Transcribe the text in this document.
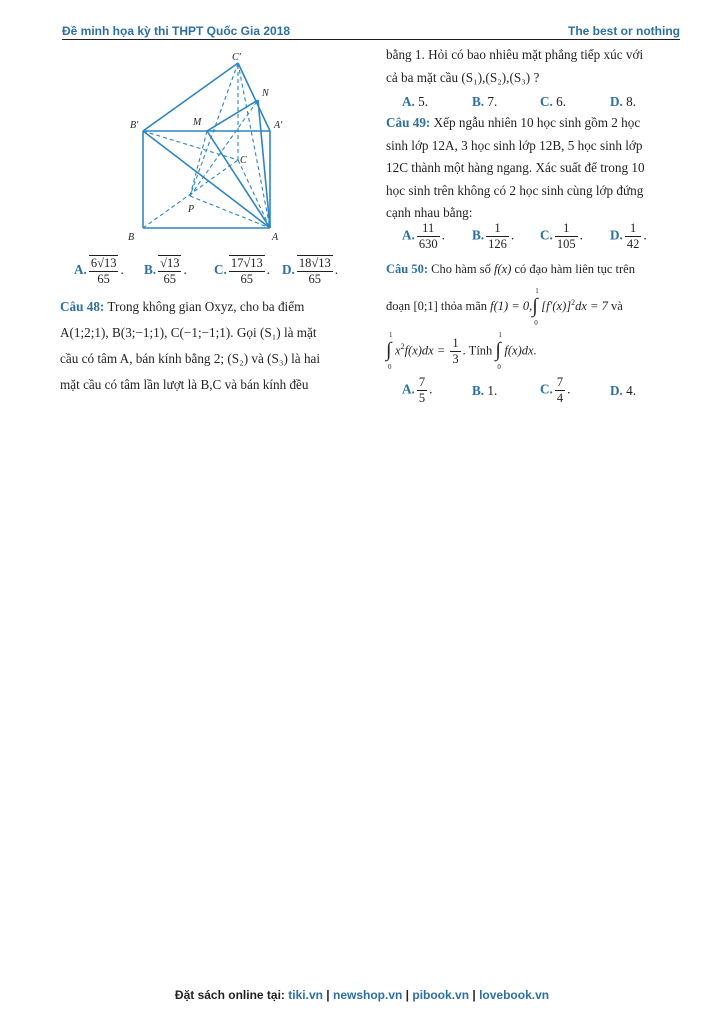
Đề minh họa kỳ thi THPT Quốc Gia 2018	The best or nothing
C'
N
B'	M	A'
C
P
B	A
A. $\frac{6√13}{65}$ . B. $\frac{√13}{65}$ . C. $\frac{17√13}{65}$ . D. $\frac{18√13}{65}$ .
Câu 48: Trong không gian Oxyz, cho ba điểm
A(1;2;1), B(3;−1;1), C(−1;−1;1). Gọi (S₁) là mặt
cầu có tâm A, bán kính bằng 2; (S₂) và (S₃) là hai
mặt cầu có tâm lần lượt là B,C và bán kính đều
bằng 1. Hỏi có bao nhiêu mặt phẳng tiếp xúc với
cả ba mặt cầu (S₁),(S₂),(S₃) ?
A. 5.	B. 7.	C. 6.	D. 8.
Câu 49: Xếp ngẫu nhiên 10 học sinh gồm 2 học
sinh lớp 12A, 3 học sinh lớp 12B, 5 học sinh lớp
12C thành một hàng ngang. Xác suất để trong 10
học sinh trên không có 2 học sinh cùng lớp đứng
cạnh nhau bằng:
A. $\frac{11}{630}$ . B. $\frac{1}{126}$ . C. $\frac{1}{105}$ . D. $\frac{1}{42}$ .
Câu 50: Cho hàm số f(x) có đạo hàm liên tục trên
đoạn [0;1] thỏa mãn f(1) = 0,
1
∫
0
$[f'(x)]^2dx = 7$ và
1
∫
0
$x^2f(x)dx = \frac{1}{3}$ . Tính
1
∫
0
f(x)dx.
A. $\frac{7}{5}$ .	B. 1.	C. $\frac{7}{4}$ .	D. 4.
Đặt sách online tại: tiki.vn | newshop.vn | pibook.vn | lovebook.vn
